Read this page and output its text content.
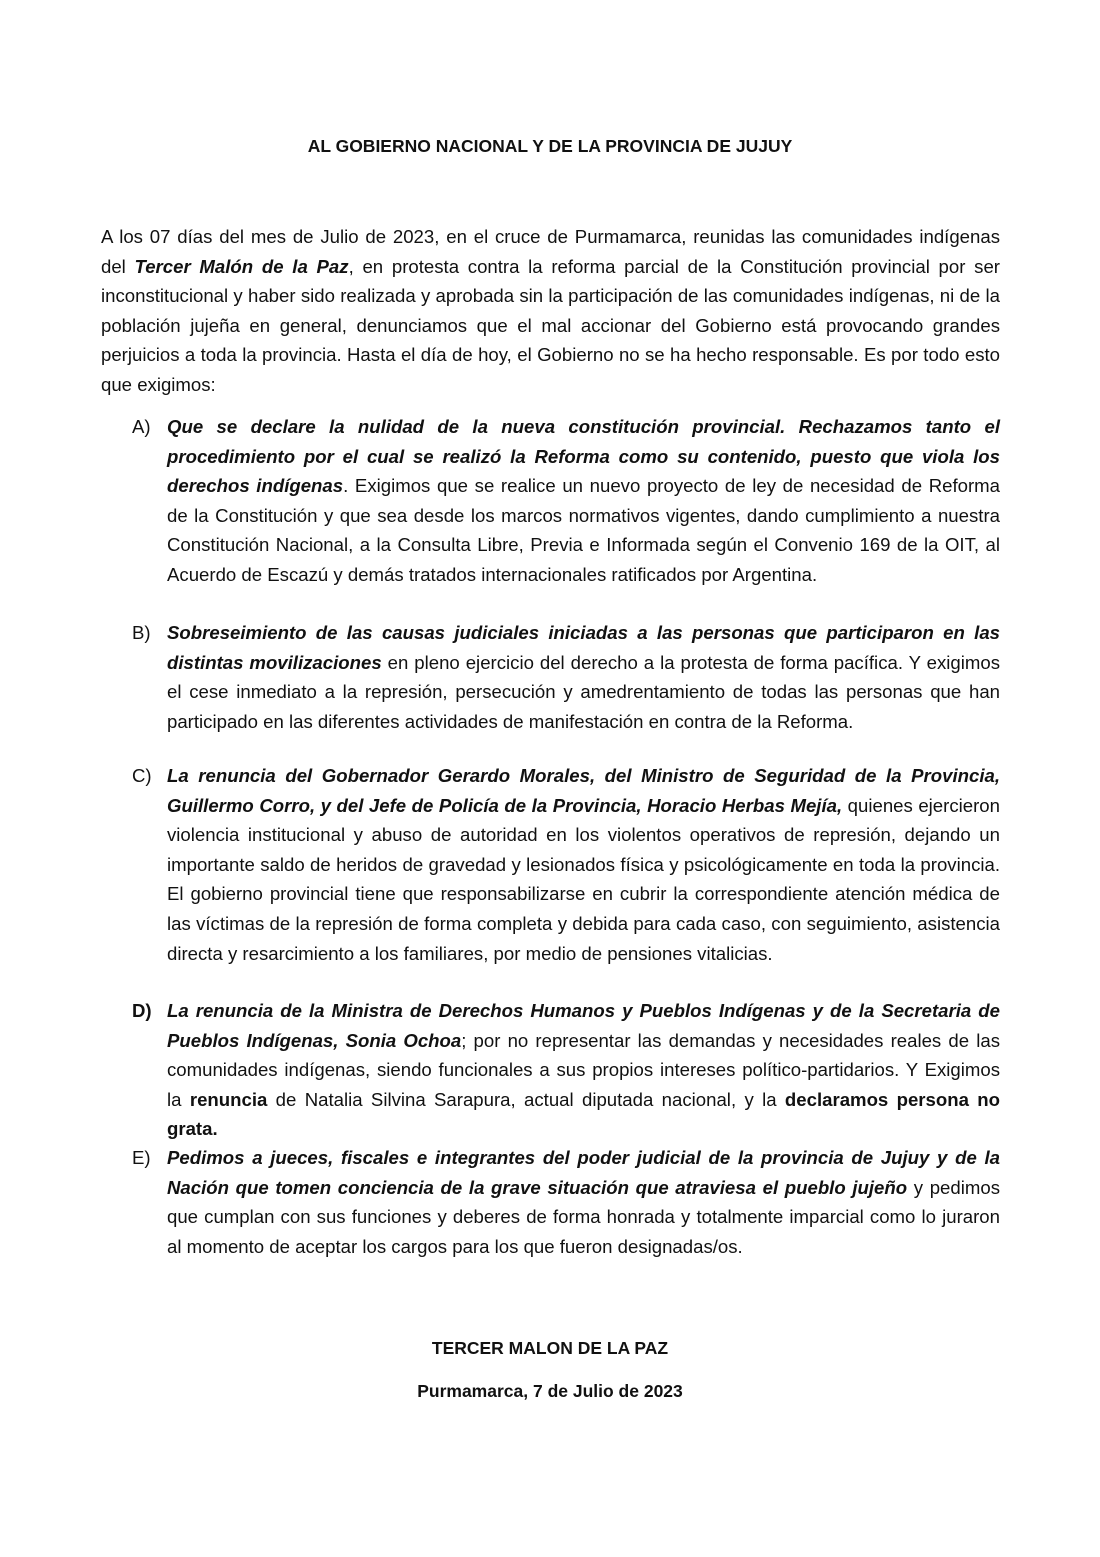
AL GOBIERNO NACIONAL Y DE LA PROVINCIA DE JUJUY

A los 07 días del mes de Julio de 2023, en el cruce de Purmamarca, reunidas las comunidades indígenas del Tercer Malón de la Paz, en protesta contra la reforma parcial de la Constitución provincial por ser inconstitucional y haber sido realizada y aprobada sin la participación de las comunidades indígenas, ni de la población jujeña en general, denunciamos que el mal accionar del Gobierno está provocando grandes perjuicios a toda la provincia. Hasta el día de hoy, el Gobierno no se ha hecho responsable. Es por todo esto que exigimos:

A) Que se declare la nulidad de la nueva constitución provincial. Rechazamos tanto el procedimiento por el cual se realizó la Reforma como su contenido, puesto que viola los derechos indígenas. Exigimos que se realice un nuevo proyecto de ley de necesidad de Reforma de la Constitución y que sea desde los marcos normativos vigentes, dando cumplimiento a nuestra Constitución Nacional, a la Consulta Libre, Previa e Informada según el Convenio 169 de la OIT, al Acuerdo de Escazú y demás tratados internacionales ratificados por Argentina.

B) Sobreseimiento de las causas judiciales iniciadas a las personas que participaron en las distintas movilizaciones en pleno ejercicio del derecho a la protesta de forma pacífica. Y exigimos el cese inmediato a la represión, persecución y amedrentamiento de todas las personas que han participado en las diferentes actividades de manifestación en contra de la Reforma.

C) La renuncia del Gobernador Gerardo Morales, del Ministro de Seguridad de la Provincia, Guillermo Corro, y del Jefe de Policía de la Provincia, Horacio Herbas Mejía, quienes ejercieron violencia institucional y abuso de autoridad en los violentos operativos de represión, dejando un importante saldo de heridos de gravedad y lesionados física y psicológicamente en toda la provincia. El gobierno provincial tiene que responsabilizarse en cubrir la correspondiente atención médica de las víctimas de la represión de forma completa y debida para cada caso, con seguimiento, asistencia directa y resarcimiento a los familiares, por medio de pensiones vitalicias.

D) La renuncia de la Ministra de Derechos Humanos y Pueblos Indígenas y de la Secretaria de Pueblos Indígenas, Sonia Ochoa; por no representar las demandas y necesidades reales de las comunidades indígenas, siendo funcionales a sus propios intereses político-partidarios. Y Exigimos la renuncia de Natalia Silvina Sarapura, actual diputada nacional, y la declaramos persona no grata.

E) Pedimos a jueces, fiscales e integrantes del poder judicial de la provincia de Jujuy y de la Nación que tomen conciencia de la grave situación que atraviesa el pueblo jujeño y pedimos que cumplan con sus funciones y deberes de forma honrada y totalmente imparcial como lo juraron al momento de aceptar los cargos para los que fueron designadas/os.

TERCER MALON DE LA PAZ
Purmamarca, 7 de Julio de 2023
